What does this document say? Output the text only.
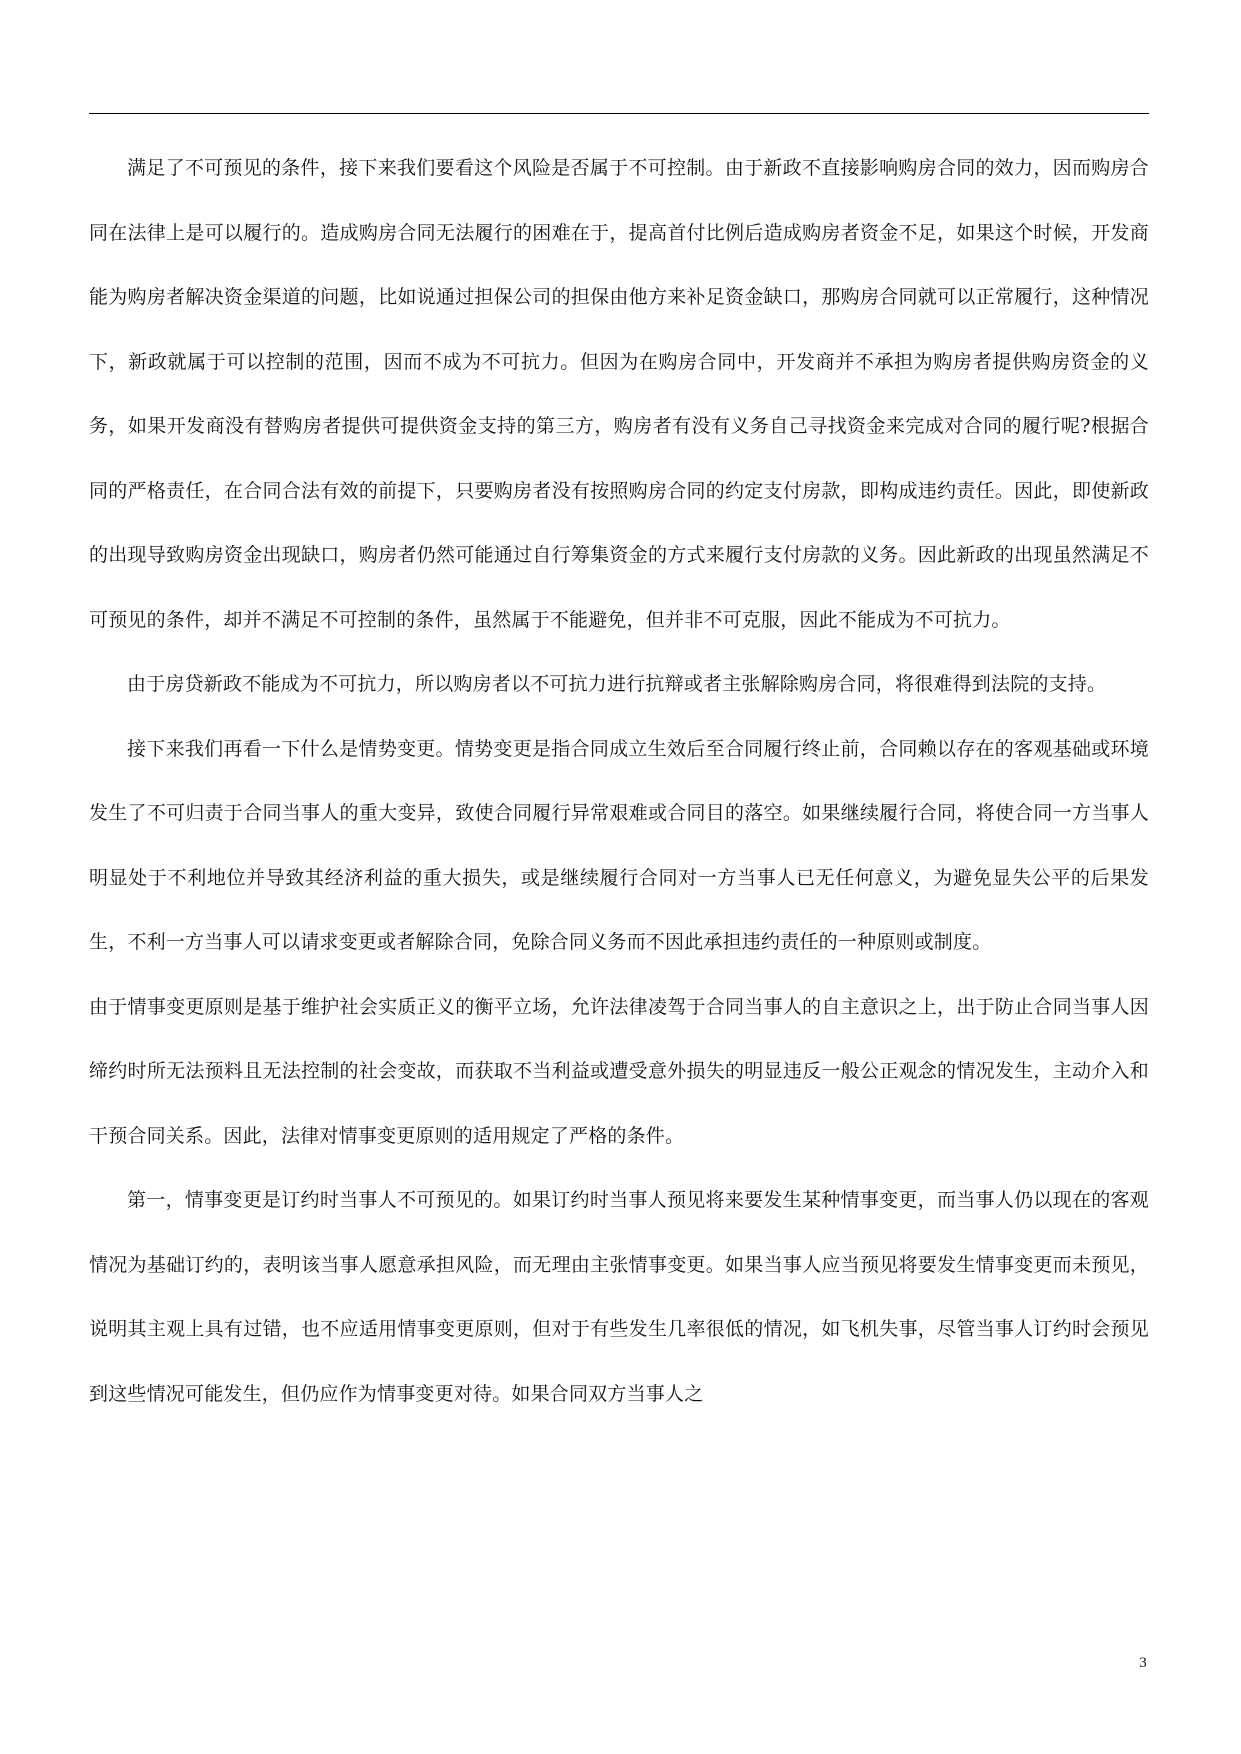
满足了不可预见的条件，接下来我们要看这个风险是否属于不可控制。由于新政不直接影响购房合同的效力，因而购房合同在法律上是可以履行的。造成购房合同无法履行的困难在于，提高首付比例后造成购房者资金不足，如果这个时候，开发商能为购房者解决资金渠道的问题，比如说通过担保公司的担保由他方来补足资金缺口，那购房合同就可以正常履行，这种情况下，新政就属于可以控制的范围，因而不成为不可抗力。但因为在购房合同中，开发商并不承担为购房者提供购房资金的义务，如果开发商没有替购房者提供可提供资金支持的第三方，购房者有没有义务自己寻找资金来完成对合同的履行呢?根据合同的严格责任，在合同合法有效的前提下，只要购房者没有按照购房合同的约定支付房款，即构成违约责任。因此，即使新政的出现导致购房资金出现缺口，购房者仍然可能通过自行筹集资金的方式来履行支付房款的义务。因此新政的出现虽然满足不可预见的条件，却并不满足不可控制的条件，虽然属于不能避免，但并非不可克服，因此不能成为不可抗力。

由于房贷新政不能成为不可抗力，所以购房者以不可抗力进行抗辩或者主张解除购房合同，将很难得到法院的支持。

接下来我们再看一下什么是情势变更。情势变更是指合同成立生效后至合同履行终止前，合同赖以存在的客观基础或环境发生了不可归责于合同当事人的重大变异，致使合同履行异常艰难或合同目的落空。如果继续履行合同，将使合同一方当事人明显处于不利地位并导致其经济利益的重大损失，或是继续履行合同对一方当事人已无任何意义，为避免显失公平的后果发生，不利一方当事人可以请求变更或者解除合同，免除合同义务而不因此承担违约责任的一种原则或制度。

由于情事变更原则是基于维护社会实质正义的衡平立场，允许法律凌驾于合同当事人的自主意识之上，出于防止合同当事人因缔约时所无法预料且无法控制的社会变故，而获取不当利益或遭受意外损失的明显违反一般公正观念的情况发生，主动介入和干预合同关系。因此，法律对情事变更原则的适用规定了严格的条件。

第一，情事变更是订约时当事人不可预见的。如果订约时当事人预见将来要发生某种情事变更，而当事人仍以现在的客观情况为基础订约的，表明该当事人愿意承担风险，而无理由主张情事变更。如果当事人应当预见将要发生情事变更而未预见，说明其主观上具有过错，也不应适用情事变更原则，但对于有些发生几率很低的情况，如飞机失事，尽管当事人订约时会预见到这些情况可能发生，但仍应作为情事变更对待。如果合同双方当事人之

3
